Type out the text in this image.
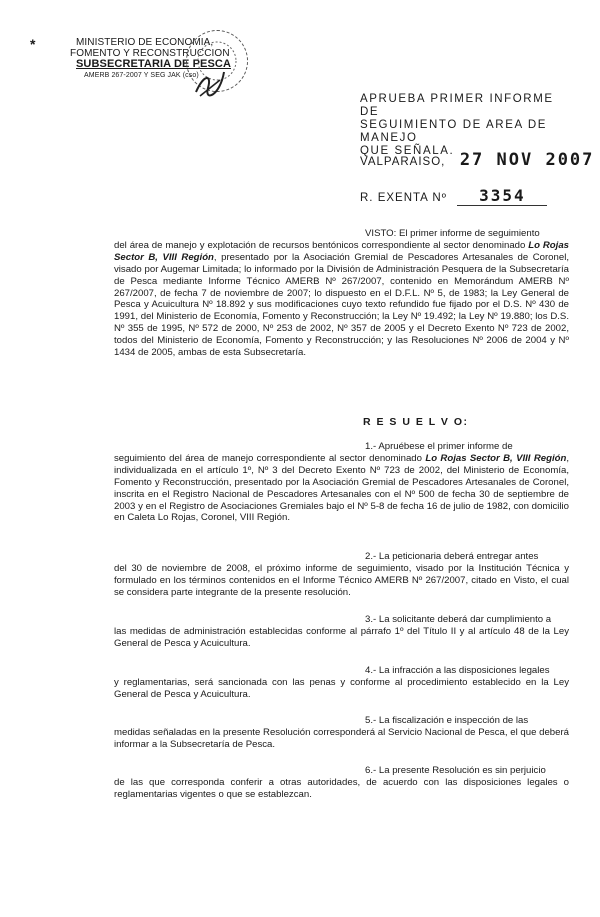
*	MINISTERIO DE ECONOMIA,
FOMENTO Y RECONSTRUCCION
SUBSECRETARIA DE PESCA
AMERB 267-2007 Y SEG JAK (cso)
APRUEBA PRIMER INFORME DE
SEGUIMIENTO DE AREA DE MANEJO
QUE SEÑALA.
VALPARAISO, 27 NOV 2007
R. EXENTA Nº 3354
VISTO: El primer informe de seguimiento
del área de manejo y explotación de recursos bentónicos correspondiente al sector denominado Lo Rojas Sector B, VIII Región, presentado por la Asociación Gremial de Pescadores Artesanales de Coronel, visado por Augemar Limitada; lo informado por la División de Administración Pesquera de la Subsecretaría de Pesca mediante Informe Técnico AMERB Nº 267/2007, contenido en Memorándum AMERB Nº 267/2007, de fecha 7 de noviembre de 2007; lo dispuesto en el D.F.L. Nº 5, de 1983; la Ley General de Pesca y Acuicultura Nº 18.892 y sus modificaciones cuyo texto refundido fue fijado por el D.S. Nº 430 de 1991, del Ministerio de Economía, Fomento y Reconstrucción; la Ley Nº 19.492; la Ley Nº 19.880; los D.S. Nº 355 de 1995, Nº 572 de 2000, Nº 253 de 2002, Nº 357 de 2005 y el Decreto Exento Nº 723 de 2002, todos del Ministerio de Economía, Fomento y Reconstrucción; y las Resoluciones Nº 2006 de 2004 y Nº 1434 de 2005, ambas de esta Subsecretaría.
R E S U E L V O:
1.- Apruébese el primer informe de
seguimiento del área de manejo correspondiente al sector denominado Lo Rojas Sector B, VIII Región, individualizada en el artículo 1º, Nº 3 del Decreto Exento Nº 723 de 2002, del Ministerio de Economía, Fomento y Reconstrucción, presentado por la Asociación Gremial de Pescadores Artesanales de Coronel, inscrita en el Registro Nacional de Pescadores Artesanales con el Nº 500 de fecha 30 de septiembre de 2003 y en el Registro de Asociaciones Gremiales bajo el Nº 5-8 de fecha 16 de julio de 1982, con domicilio en Caleta Lo Rojas, Coronel, VIII Región.
2.- La peticionaria deberá entregar antes
del 30 de noviembre de 2008, el próximo informe de seguimiento, visado por la Institución Técnica y formulado en los términos contenidos en el Informe Técnico AMERB Nº 267/2007, citado en Visto, el cual se considera parte integrante de la presente resolución.
3.- La solicitante deberá dar cumplimiento a
las medidas de administración establecidas conforme al párrafo 1º del Título II y al artículo 48 de la Ley General de Pesca y Acuicultura.
4.- La infracción a las disposiciones legales
y reglamentarias, será sancionada con las penas y conforme al procedimiento establecido en la Ley General de Pesca y Acuicultura.
5.- La fiscalización e inspección de las
medidas señaladas en la presente Resolución corresponderá al Servicio Nacional de Pesca, el que deberá informar a la Subsecretaría de Pesca.
6.- La presente Resolución es sin perjuicio
de las que corresponda conferir a otras autoridades, de acuerdo con las disposiciones legales o reglamentarias vigentes o que se establezcan.
